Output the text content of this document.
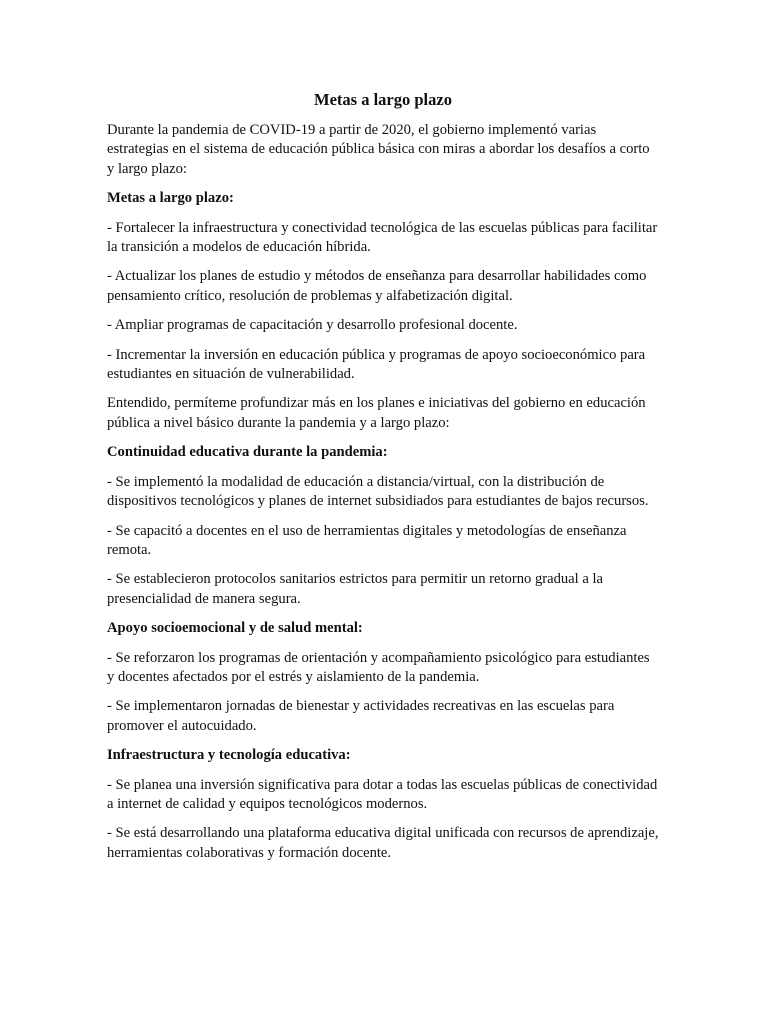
Metas a largo plazo

Durante la pandemia de COVID-19 a partir de 2020, el gobierno implementó varias estrategias en el sistema de educación pública básica con miras a abordar los desafíos a corto y largo plazo:

Metas a largo plazo:

- Fortalecer la infraestructura y conectividad tecnológica de las escuelas públicas para facilitar la transición a modelos de educación híbrida.

- Actualizar los planes de estudio y métodos de enseñanza para desarrollar habilidades como pensamiento crítico, resolución de problemas y alfabetización digital.

- Ampliar programas de capacitación y desarrollo profesional docente.

- Incrementar la inversión en educación pública y programas de apoyo socioeconómico para estudiantes en situación de vulnerabilidad.

Entendido, permíteme profundizar más en los planes e iniciativas del gobierno en educación pública a nivel básico durante la pandemia y a largo plazo:

Continuidad educativa durante la pandemia:

- Se implementó la modalidad de educación a distancia/virtual, con la distribución de dispositivos tecnológicos y planes de internet subsidiados para estudiantes de bajos recursos.

- Se capacitó a docentes en el uso de herramientas digitales y metodologías de enseñanza remota.

- Se establecieron protocolos sanitarios estrictos para permitir un retorno gradual a la presencialidad de manera segura.

Apoyo socioemocional y de salud mental:

- Se reforzaron los programas de orientación y acompañamiento psicológico para estudiantes y docentes afectados por el estrés y aislamiento de la pandemia.

- Se implementaron jornadas de bienestar y actividades recreativas en las escuelas para promover el autocuidado.

Infraestructura y tecnología educativa:

- Se planea una inversión significativa para dotar a todas las escuelas públicas de conectividad a internet de calidad y equipos tecnológicos modernos.

- Se está desarrollando una plataforma educativa digital unificada con recursos de aprendizaje, herramientas colaborativas y formación docente.
